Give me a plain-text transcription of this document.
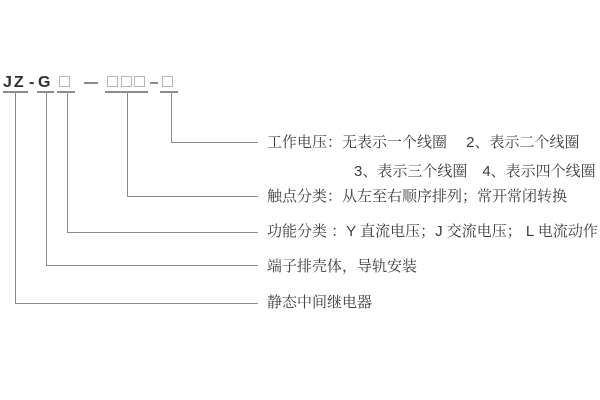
JZ - G
工作电压：无表示一个线圈　 2、表示二个线圈
3、表示三个线圈　4、表示四个线圈
触点分类：从左至右顺序排列；常开常闭转换
功能分类 ：Y 直流电压；J 交流电压； L 电流动作
端子排壳体，导轨安装
静态中间继电器
